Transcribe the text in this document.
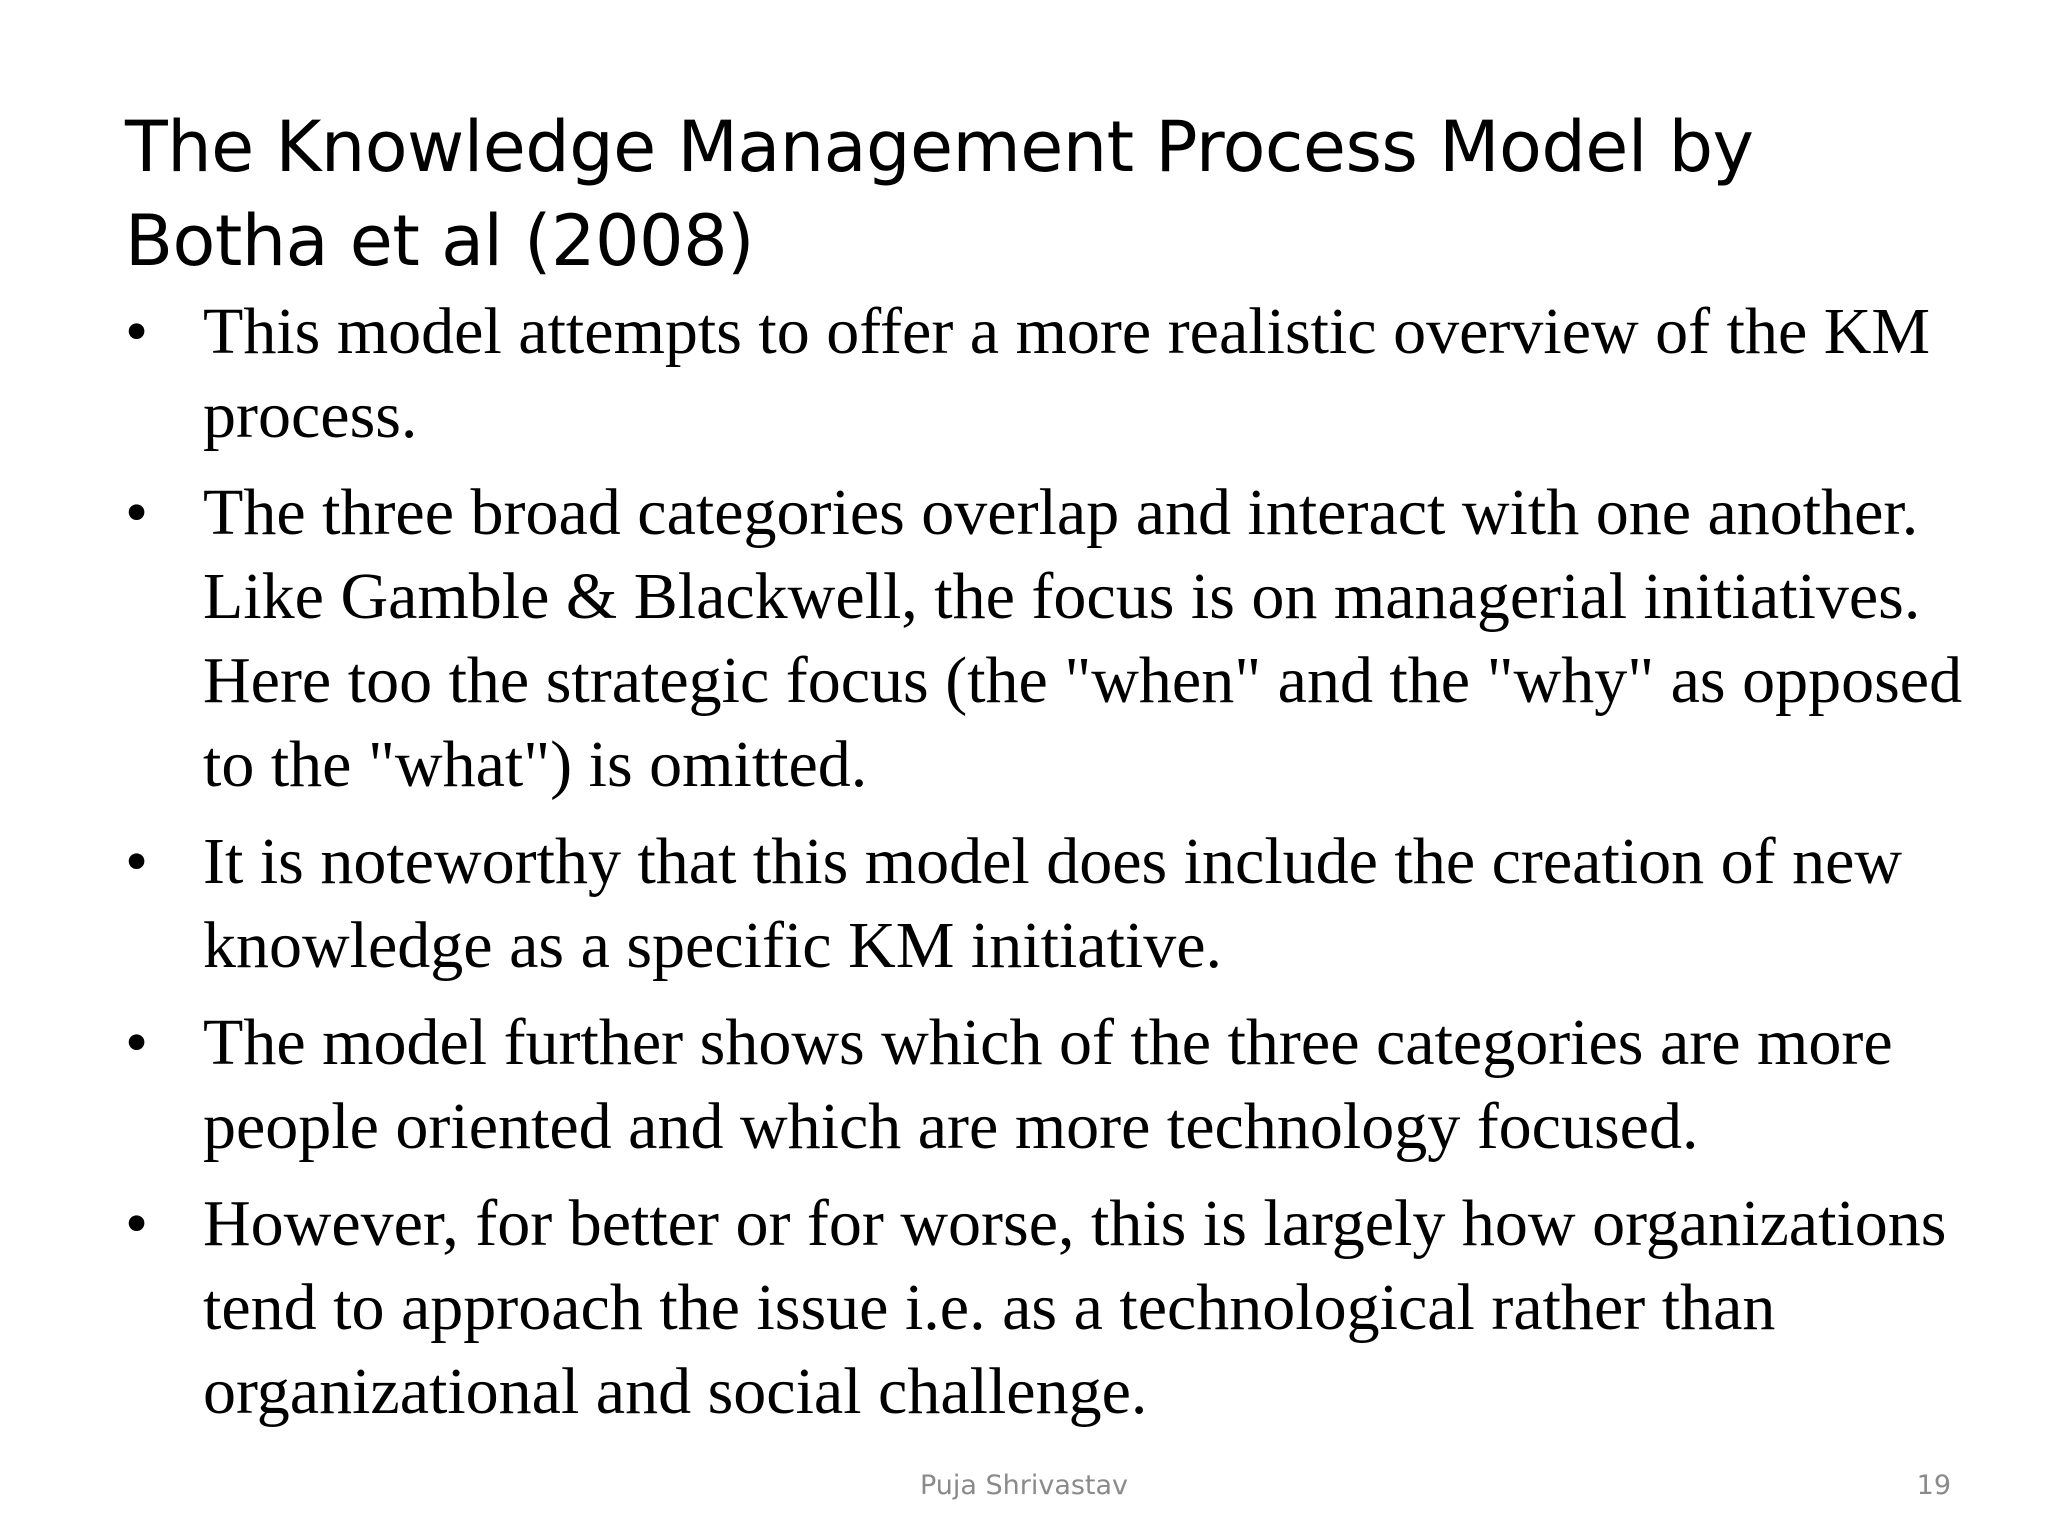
The Knowledge Management Process Model by Botha et al (2008)
• This model attempts to offer a more realistic overview of the KM process.
• The three broad categories overlap and interact with one another. Like Gamble & Blackwell, the focus is on managerial initiatives. Here too the strategic focus (the "when" and the "why" as opposed to the "what") is omitted.
• It is noteworthy that this model does include the creation of new knowledge as a specific KM initiative.
• The model further shows which of the three categories are more people oriented and which are more technology focused.
• However, for better or for worse, this is largely how organizations tend to approach the issue i.e. as a technological rather than organizational and social challenge.
Puja Shrivastav	19
